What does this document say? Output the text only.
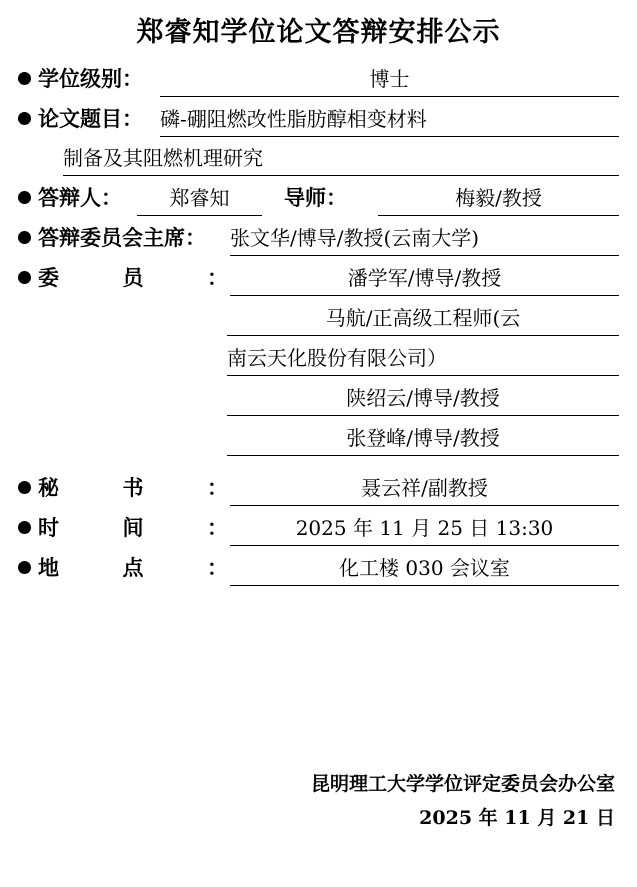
郑睿知学位论文答辩安排公示
学位级别：	博士
论文题目： 磷-硼阻燃改性脂肪醇相变材料
制备及其阻燃机理研究
答辩人：	郑睿知	导师：	梅毅/教授
答辩委员会主席：	张文华/博导/教授(云南大学)
委	员	：	潘学军/博导/教授
马航/正高级工程师(云
南云天化股份有限公司）
陕绍云/博导/教授
张登峰/博导/教授
秘	书	：	聂云祥/副教授
时	间	：	2025 年 11 月 25 日 13:30
地	点	：	化工楼 030 会议室
昆明理工大学学位评定委员会办公室
2025 年 11 月 21 日
